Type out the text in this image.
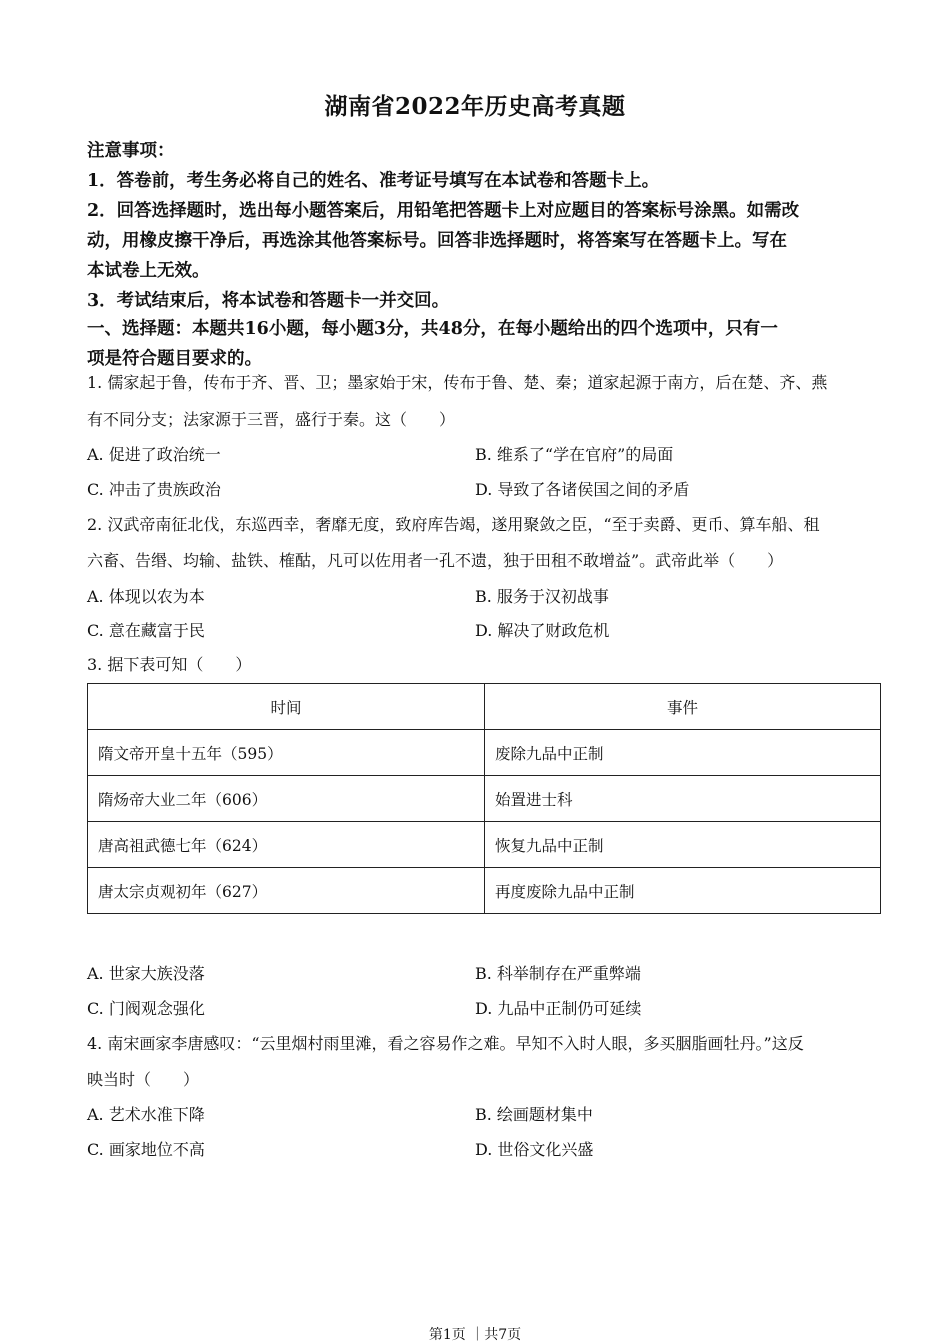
湖南省2022年历史高考真题
注意事项：
1．答卷前，考生务必将自己的姓名、准考证号填写在本试卷和答题卡上。
2．回答选择题时，选出每小题答案后，用铅笔把答题卡上对应题目的答案标号涂黑。如需改
动，用橡皮擦干净后，再选涂其他答案标号。回答非选择题时，将答案写在答题卡上。写在
本试卷上无效。
3．考试结束后，将本试卷和答题卡一并交回。
一、选择题：本题共16小题，每小题3分，共48分，在每小题给出的四个选项中，只有一
项是符合题目要求的。
1. 儒家起于鲁，传布于齐、晋、卫；墨家始于宋，传布于鲁、楚、秦；道家起源于南方，后在楚、齐、燕
有不同分支；法家源于三晋，盛行于秦。这（　　）
A. 促进了政治统一	B. 维系了“学在官府”的局面
C. 冲击了贵族政治	D. 导致了各诸侯国之间的矛盾
2. 汉武帝南征北伐，东巡西幸，奢靡无度，致府库告竭，遂用聚敛之臣，“至于卖爵、更币、算车船、租
六畜、告缗、均输、盐铁、榷酤，凡可以佐用者一孔不遗，独于田租不敢增益”。武帝此举（　　）
A. 体现以农为本	B. 服务于汉初战事
C. 意在藏富于民	D. 解决了财政危机
3. 据下表可知（　　）
时间	事件
隋文帝开皇十五年（595）	废除九品中正制
隋炀帝大业二年（606）	始置进士科
唐高祖武德七年（624）	恢复九品中正制
唐太宗贞观初年（627）	再度废除九品中正制
A. 世家大族没落	B. 科举制存在严重弊端
C. 门阀观念强化	D. 九品中正制仍可延续
4. 南宋画家李唐感叹：“云里烟村雨里滩，看之容易作之难。早知不入时人眼，多买胭脂画牡丹。”这反
映当时（　　）
A. 艺术水准下降	B. 绘画题材集中
C. 画家地位不高	D. 世俗文化兴盛
第1页 ｜共7页
